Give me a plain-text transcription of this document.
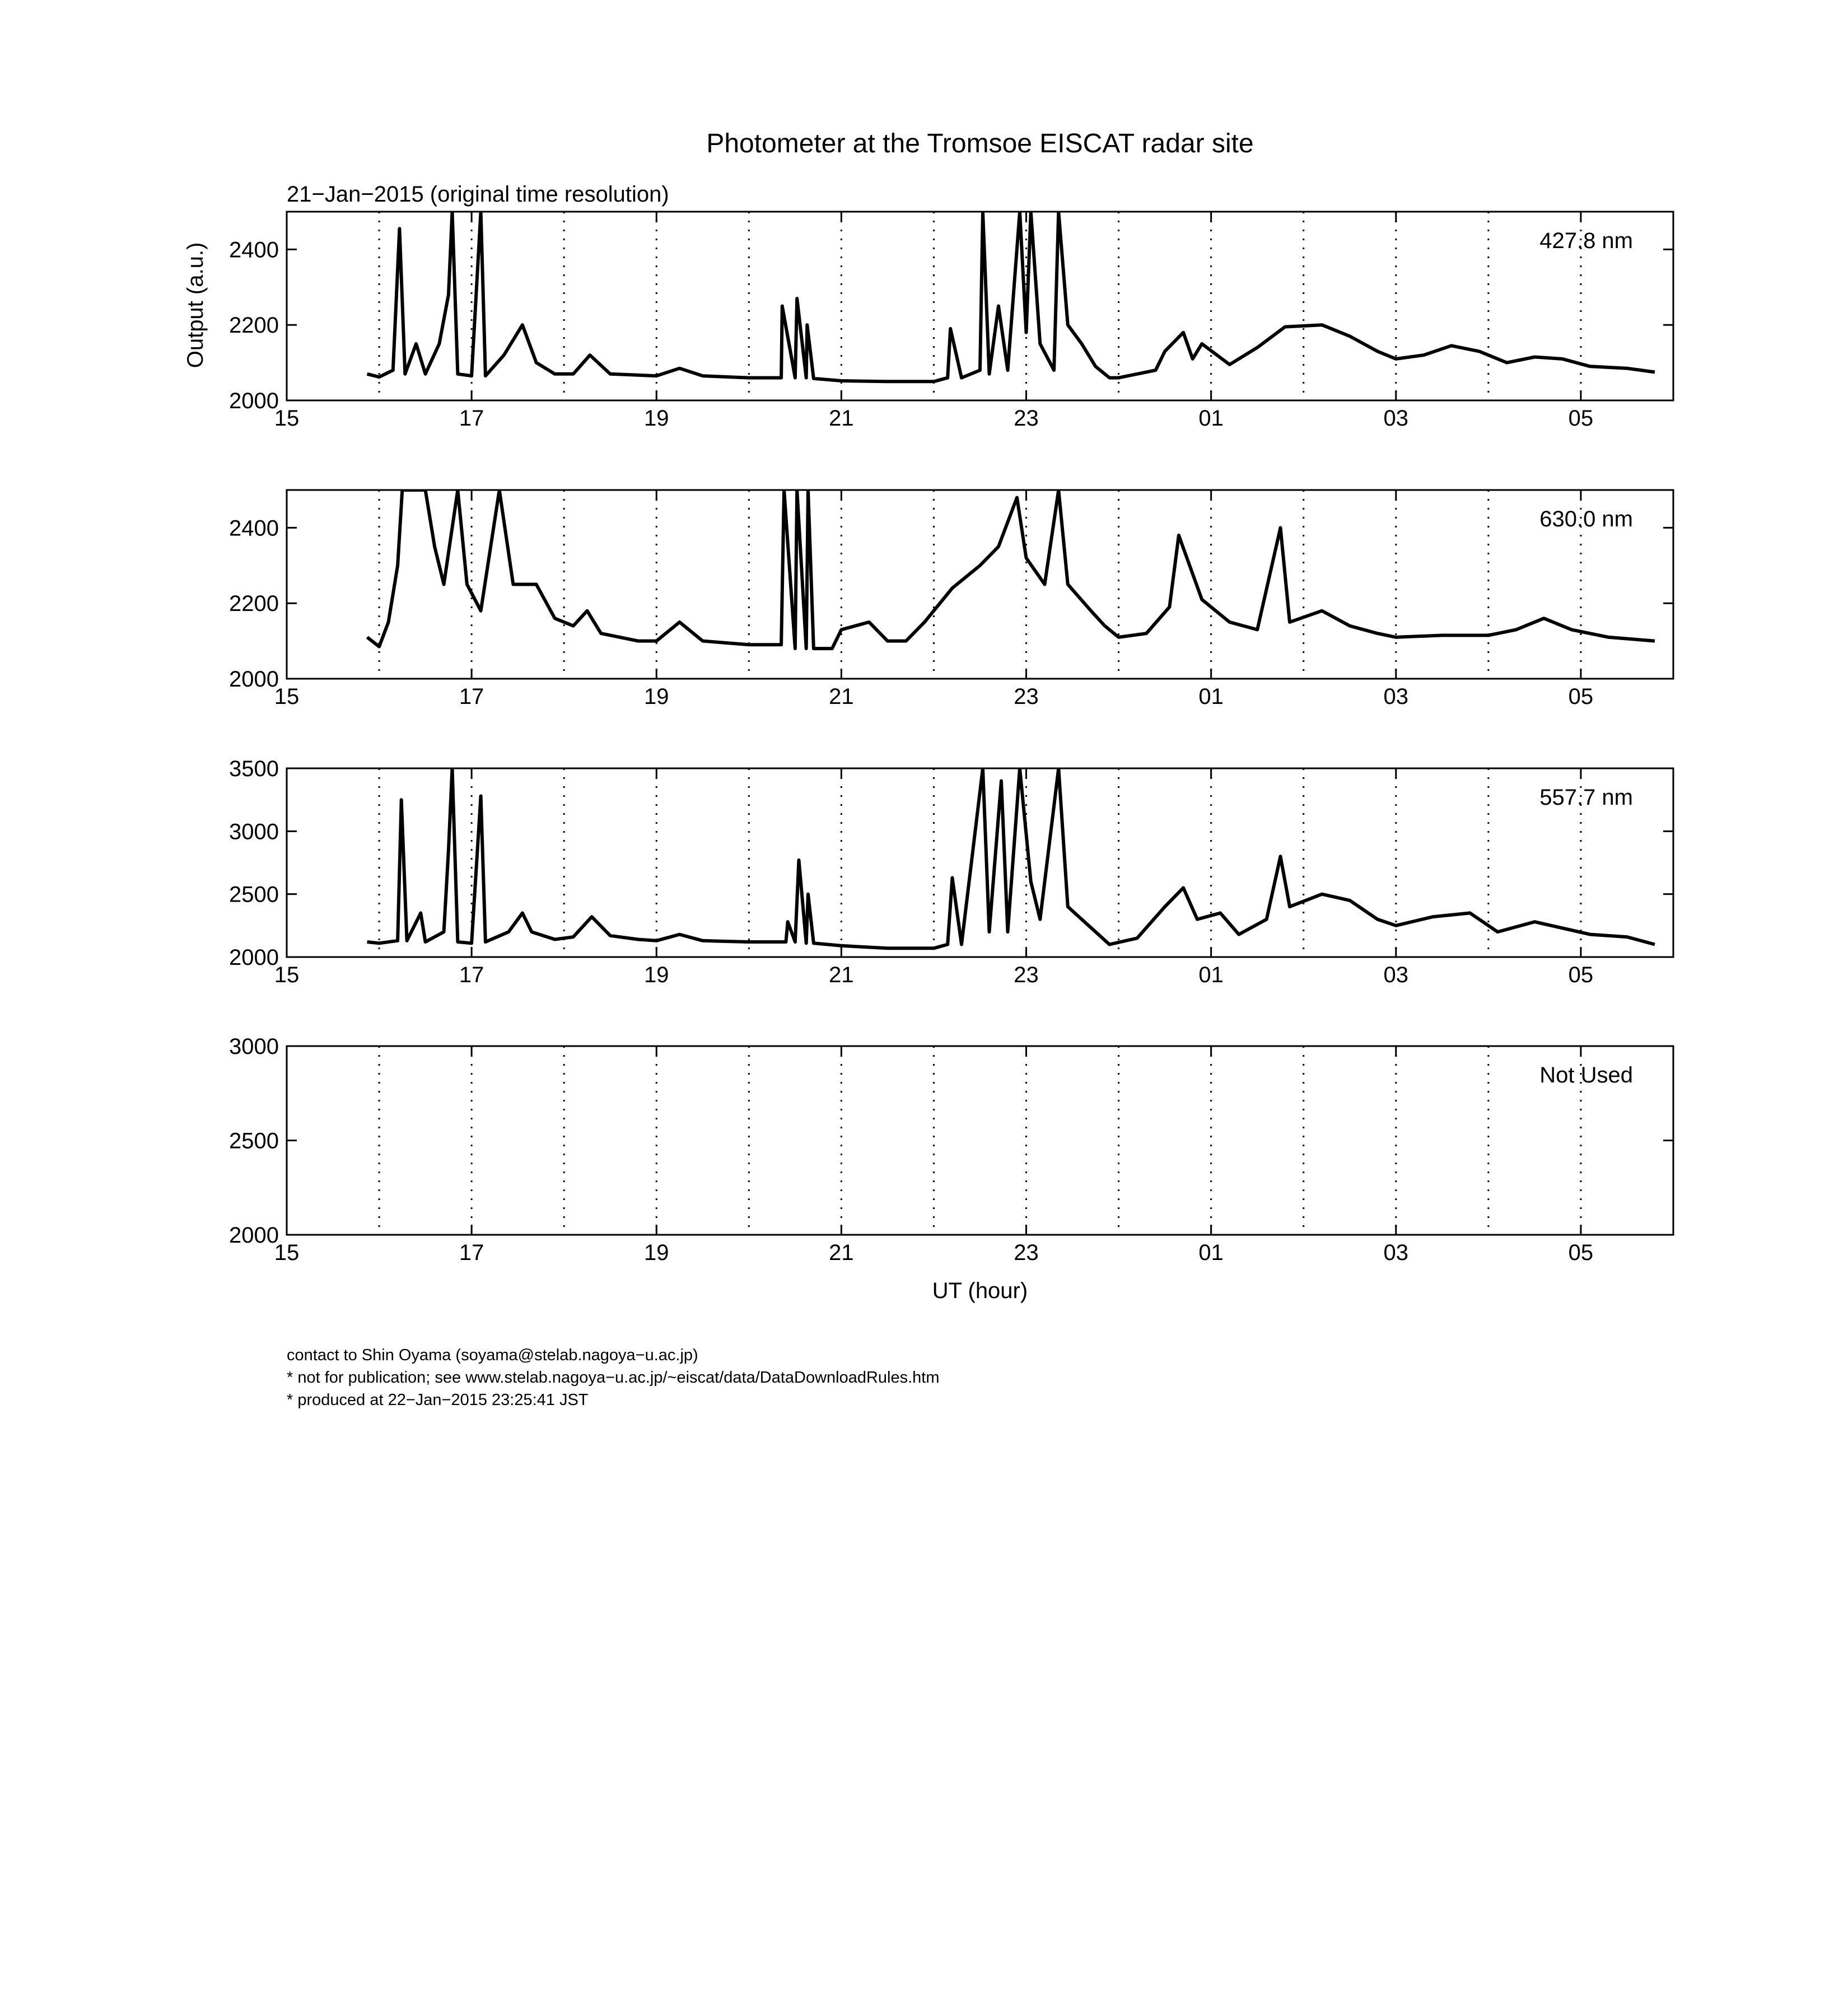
Photometer at the Tromsoe EISCAT radar site
21−Jan−2015 (original time resolution)
Output (a.u.)
UT (hour)
15	17	19	21	23	01	03	05
2000
2200
2400	427.8 nm
15	17	19	21	23	01	03	05
2000
2200
2400	630.0 nm
15	17	19	21	23	01	03	05
2000
2500
3000
3500
557.7 nm
15	17	19	21	23	01	03	05
2000
2500
3000
Not Used
contact to Shin Oyama (soyama@stelab.nagoya−u.ac.jp)
* not for publication; see www.stelab.nagoya−u.ac.jp/~eiscat/data/DataDownloadRules.htm
* produced at 22−Jan−2015 23:25:41 JST
